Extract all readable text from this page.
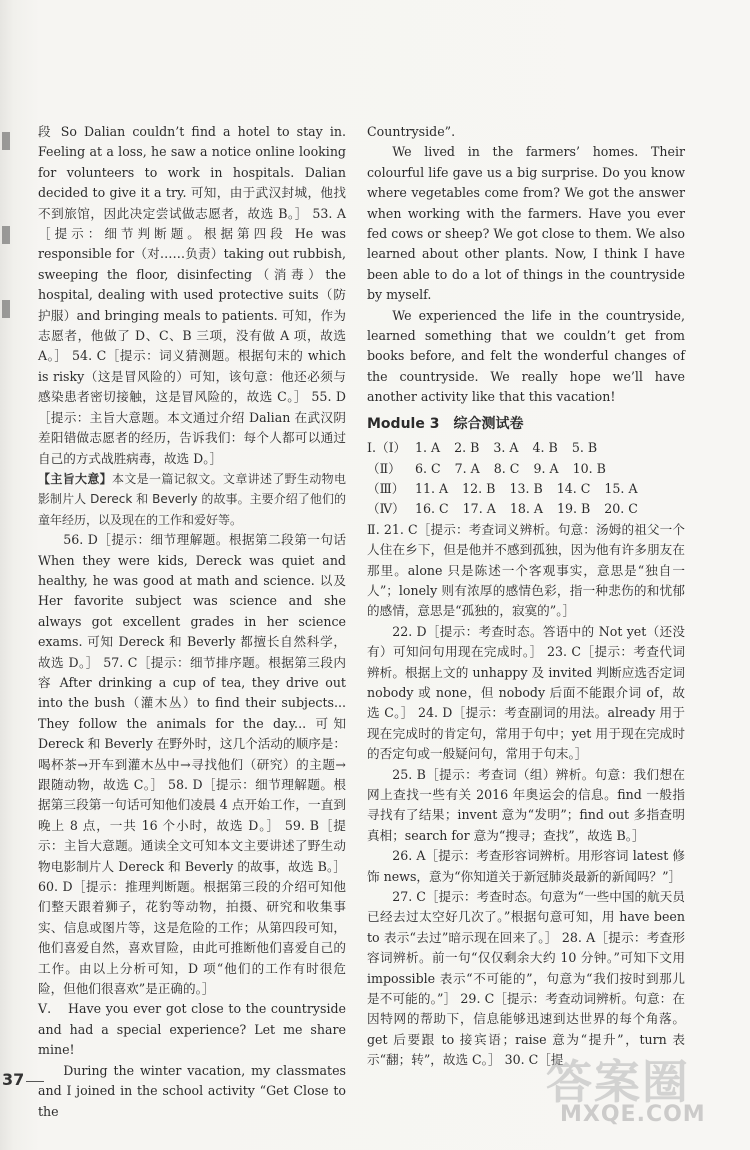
段 So Dalian couldn’t find a hotel to stay in. Feeling at a loss, he saw a notice online looking for volunteers to work in hospitals. Dalian decided to give it a try. 可知，由于武汉封城，他找不到旅馆，因此决定尝试做志愿者，故选 B。］ 53. A［提示：细节判断题。根据第四段 He was responsible for（对……负责）taking out rubbish, sweeping the floor, disinfecting（消毒）the hospital, dealing with used protective suits（防护服）and bringing meals to patients. 可知，作为志愿者，他做了 D、C、B 三项，没有做 A 项，故选 A。］ 54. C［提示：词义猜测题。根据句末的 which is risky（这是冒风险的）可知，该句意：他还必须与感染患者密切接触，这是冒风险的，故选 C。］ 55. D［提示：主旨大意题。本文通过介绍 Dalian 在武汉阴差阳错做志愿者的经历，告诉我们：每个人都可以通过自己的方式战胜病毒，故选 D。］

【主旨大意】本文是一篇记叙文。文章讲述了野生动物电影制片人 Dereck 和 Beverly 的故事。主要介绍了他们的童年经历，以及现在的工作和爱好等。

56. D［提示：细节理解题。根据第二段第一句话 When they were kids, Dereck was quiet and healthy, he was good at math and science. 以及 Her favorite subject was science and she always got excellent grades in her science exams. 可知 Dereck 和 Beverly 都擅长自然科学，故选 D。］ 57. C［提示：细节排序题。根据第三段内容 After drinking a cup of tea, they drive out into the bush（灌木丛）to find their subjects... They follow the animals for the day... 可知 Dereck 和 Beverly 在野外时，这几个活动的顺序是：喝杯茶→开车到灌木丛中→寻找他们（研究）的主题→跟随动物，故选 C。］ 58. D［提示：细节理解题。根据第三段第一句话可知他们凌晨 4 点开始工作，一直到晚上 8 点，一共 16 个小时，故选 D。］ 59. B［提示：主旨大意题。通读全文可知本文主要讲述了野生动物电影制片人 Dereck 和 Beverly 的故事，故选 B。］ 60. D［提示：推理判断题。根据第三段的介绍可知他们整天跟着狮子，花豹等动物，拍摄、研究和收集事实、信息或图片等，这是危险的工作；从第四段可知，他们喜爱自然，喜欢冒险，由此可推断他们喜爱自己的工作。由以上分析可知，D 项“他们的工作有时很危险，但他们很喜欢”是正确的。］

Ⅴ. Have you ever got close to the countryside and had a special experience? Let me share mine!

During the winter vacation, my classmates and I joined in the school activity “Get Close to the

Countryside”.

We lived in the farmers’ homes. Their colourful life gave us a big surprise. Do you know where vegetables come from? We got the answer when working with the farmers. Have you ever fed cows or sheep? We got close to them. We also learned about other plants. Now, I think I have been able to do a lot of things in the countryside by myself.

We experienced the life in the countryside, learned something that we couldn’t get from books before, and felt the wonderful changes of the countryside. We really hope we’ll have another activity like that this vacation!

Module 3　综合测试卷

Ⅰ.（Ⅰ） 1. A 2. B 3. A 4. B 5. B

（Ⅱ） 6. C 7. A 8. C 9. A 10. B

（Ⅲ） 11. A 12. B 13. B 14. C 15. A

（Ⅳ） 16. C 17. A 18. A 19. B 20. C

Ⅱ. 21. C［提示：考查词义辨析。句意：汤姆的祖父一个人住在乡下，但是他并不感到孤独，因为他有许多朋友在那里。alone 只是陈述一个客观事实，意思是“独自一人”；lonely 则有浓厚的感情色彩，指一种悲伤的和忧郁的感情，意思是“孤独的，寂寞的”。］

22. D［提示：考查时态。答语中的 Not yet（还没有）可知问句用现在完成时。］ 23. C［提示：考查代词辨析。根据上文的 unhappy 及 invited 判断应选否定词 nobody 或 none，但 nobody 后面不能跟介词 of，故选 C。］ 24. D［提示：考查副词的用法。already 用于现在完成时的肯定句，常用于句中；yet 用于现在完成时的否定句或一般疑问句，常用于句末。］

25. B［提示：考查词（组）辨析。句意：我们想在网上查找一些有关 2016 年奥运会的信息。find 一般指寻找有了结果；invent 意为“发明”；find out 多指查明真相；search for 意为“搜寻；查找”，故选 B。］

26. A［提示：考查形容词辨析。用形容词 latest 修饰 news，意为“你知道关于新冠肺炎最新的新闻吗？”］

27. C［提示：考查时态。句意为“一些中国的航天员已经去过太空好几次了。”根据句意可知，用 have been to 表示“去过”暗示现在回来了。］ 28. A［提示：考查形容词辨析。前一句“仅仅剩余大约 10 分钟。”可知下文用 impossible 表示“不可能的”，句意为“我们按时到那儿是不可能的。”］ 29. C［提示：考查动词辨析。句意：在因特网的帮助下，信息能够迅速到达世界的每个角落。get 后要跟 to 接宾语；raise 意为“提升”，turn 表示“翻；转”，故选 C。］ 30. C［提

37	答案圈
MXQE.COM
